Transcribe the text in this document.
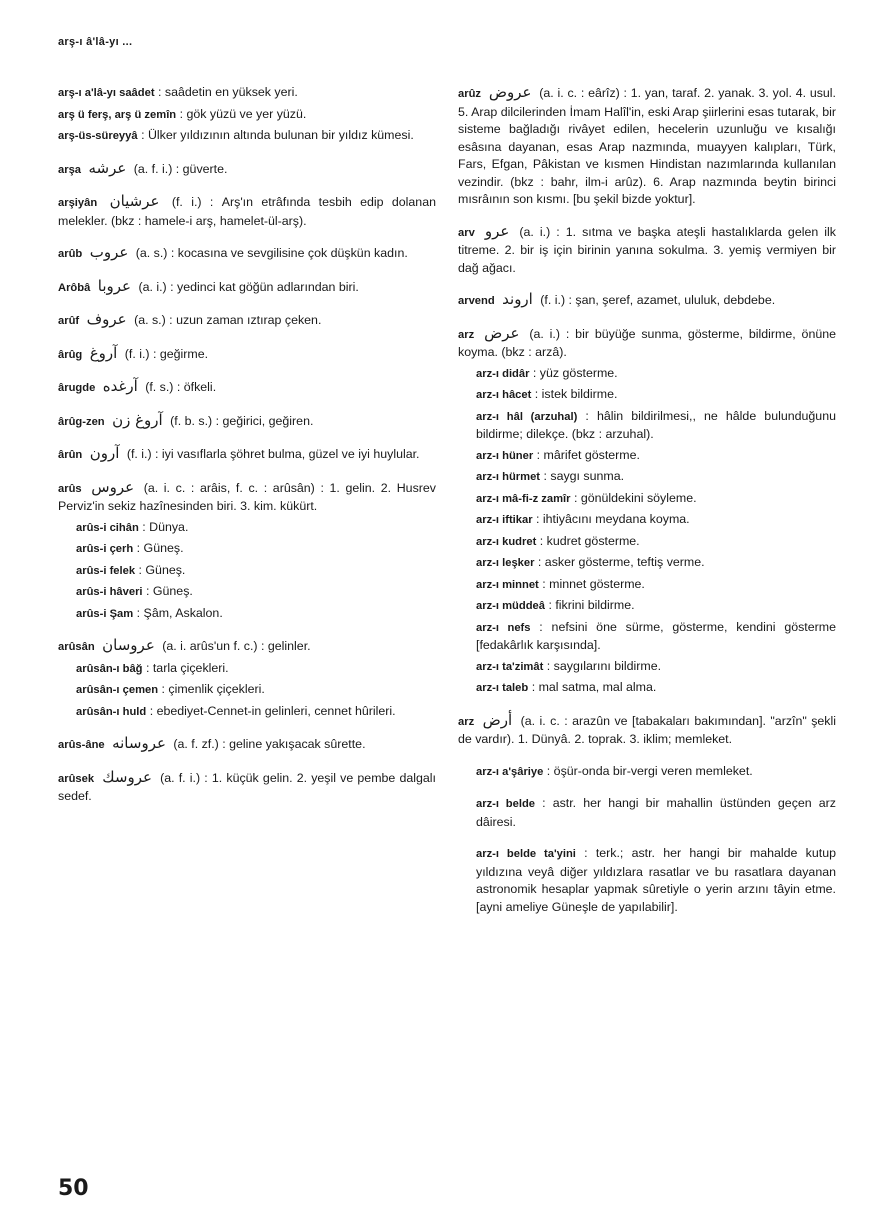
arş-ı â'lâ-yı ...
arş-ı a'lâ-yı saâdet : saâdetin en yüksek yeri.
arş ü ferş, arş ü zemîn : gök yüzü ve yer yüzü.
arş-üs-süreyyâ : Ülker yıldızının altında bulunan bir yıldız kümesi.
arşa عرشه (a. f. i.) : güverte.
arşiyân عرشیان (f. i.) : Arş'ın etrâfında tesbih edip dolanan melekler. (bkz : hamele-i arş, hamelet-ül-arş).
arûb عروب (a. s.) : kocasına ve sevgilisine çok düşkün kadın.
Arôbâ عروبا (a. i.) : yedinci kat göğün adlarından biri.
arûf عروف (a. s.) : uzun zaman ıztırap çeken.
ârûg آروغ (f. i.) : geğirme.
ârugde آرغده (f. s.) : öfkeli.
ârûg-zen آروغ زن (f. b. s.) : geğirici, geğiren.
ârûn آرون (f. i.) : iyi vasıflarla şöhret bulma, güzel ve iyi huylular.
arûs عروس (a. i. c. : arâis, f. c. : arûsân) : 1. gelin. 2. Husrev Perviz'in sekiz hazînesinden biri. 3. kim. kükürt.
arûs-i cihân : Dünya.
arûs-i çerh : Güneş.
arûs-i felek : Güneş.
arûs-i hâveri : Güneş.
arûs-i Şam : Şâm, Askalon.
arûsân عروسان (a. i. arûs'un f. c.) : gelinler.
arûsân-ı bâğ : tarla çiçekleri.
arûsân-ı çemen : çimenlik çiçekleri.
arûsân-ı huld : ebediyet-Cennet-in gelinleri, cennet hûrileri.
arûs-âne عروسانه (a. f. zf.) : geline yakışacak sûrette.
arûsek عروسك (a. f. i.) : 1. küçük gelin. 2. yeşil ve pembe dalgalı sedef.
arûz عروض (a. i. c. : eârîz) : 1. yan, taraf. 2. yanak. 3. yol. 4. usul. 5. Arap dilcilerinden İmam Halîl'in, eski Arap şiirlerini esas tutarak, bir sisteme bağladığı rivâyet edilen, hecelerin uzunluğu ve kısalığı esâsına dayanan, esas Arap nazmında, muayyen kalıpları, Türk, Fars, Efgan, Pâkistan ve kısmen Hindistan nazımlarında kullanılan vezindir. (bkz : bahr, ilm-i arûz). 6. Arap nazmında beytin birinci mısrâının son kısmı. [bu şekil bizde yoktur].
arv عرو (a. i.) : 1. sıtma ve başka ateşli hastalıklarda gelen ilk titreme. 2. bir iş için birinin yanına sokulma. 3. yemiş vermiyen bir dağ ağacı.
arvend اروند (f. i.) : şan, şeref, azamet, ululuk, debdebe.
arz عرض (a. i.) : bir büyüğe sunma, gösterme, bildirme, önüne koyma. (bkz : arzâ).
arz-ı didâr : yüz gösterme.
arz-ı hâcet : istek bildirme.
arz-ı hâl (arzuhal) : hâlin bildirilmesi,, ne hâlde bulunduğunu bildirme; dilekçe. (bkz : arzuhal).
arz-ı hüner : mârifet gösterme.
arz-ı hürmet : saygı sunma.
arz-ı mâ-fi-z zamîr : gönüldekini söyleme.
arz-ı iftikar : ihtiyâcını meydana koyma.
arz-ı kudret : kudret gösterme.
arz-ı leşker : asker gösterme, teftiş verme.
arz-ı minnet : minnet gösterme.
arz-ı müddeâ : fikrini bildirme.
arz-ı nefs : nefsini öne sürme, gösterme, kendini gösterme [fedakârlık karşısında].
arz-ı ta'zimât : saygılarını bildirme.
arz-ı taleb : mal satma, mal alma.
arz أرض (a. i. c. : arazûn ve [tabakaları bakımından]. "arzîn" şekli de vardır). 1. Dünyâ. 2. toprak. 3. iklim; memleket.
arz-ı a'şâriye : öşür-onda bir-vergi veren memleket.
arz-ı belde : astr. her hangi bir mahallin üstünden geçen arz dâiresi.
arz-ı belde ta'yini : terk.; astr. her hangi bir mahalde kutup yıldızına veyâ diğer yıldızlara rasatlar ve bu rasatlara dayanan astronomik hesaplar yapmak sûretiyle o yerin arzını tâyin etme. [ayni ameliye Güneşle de yapılabilir].
50
